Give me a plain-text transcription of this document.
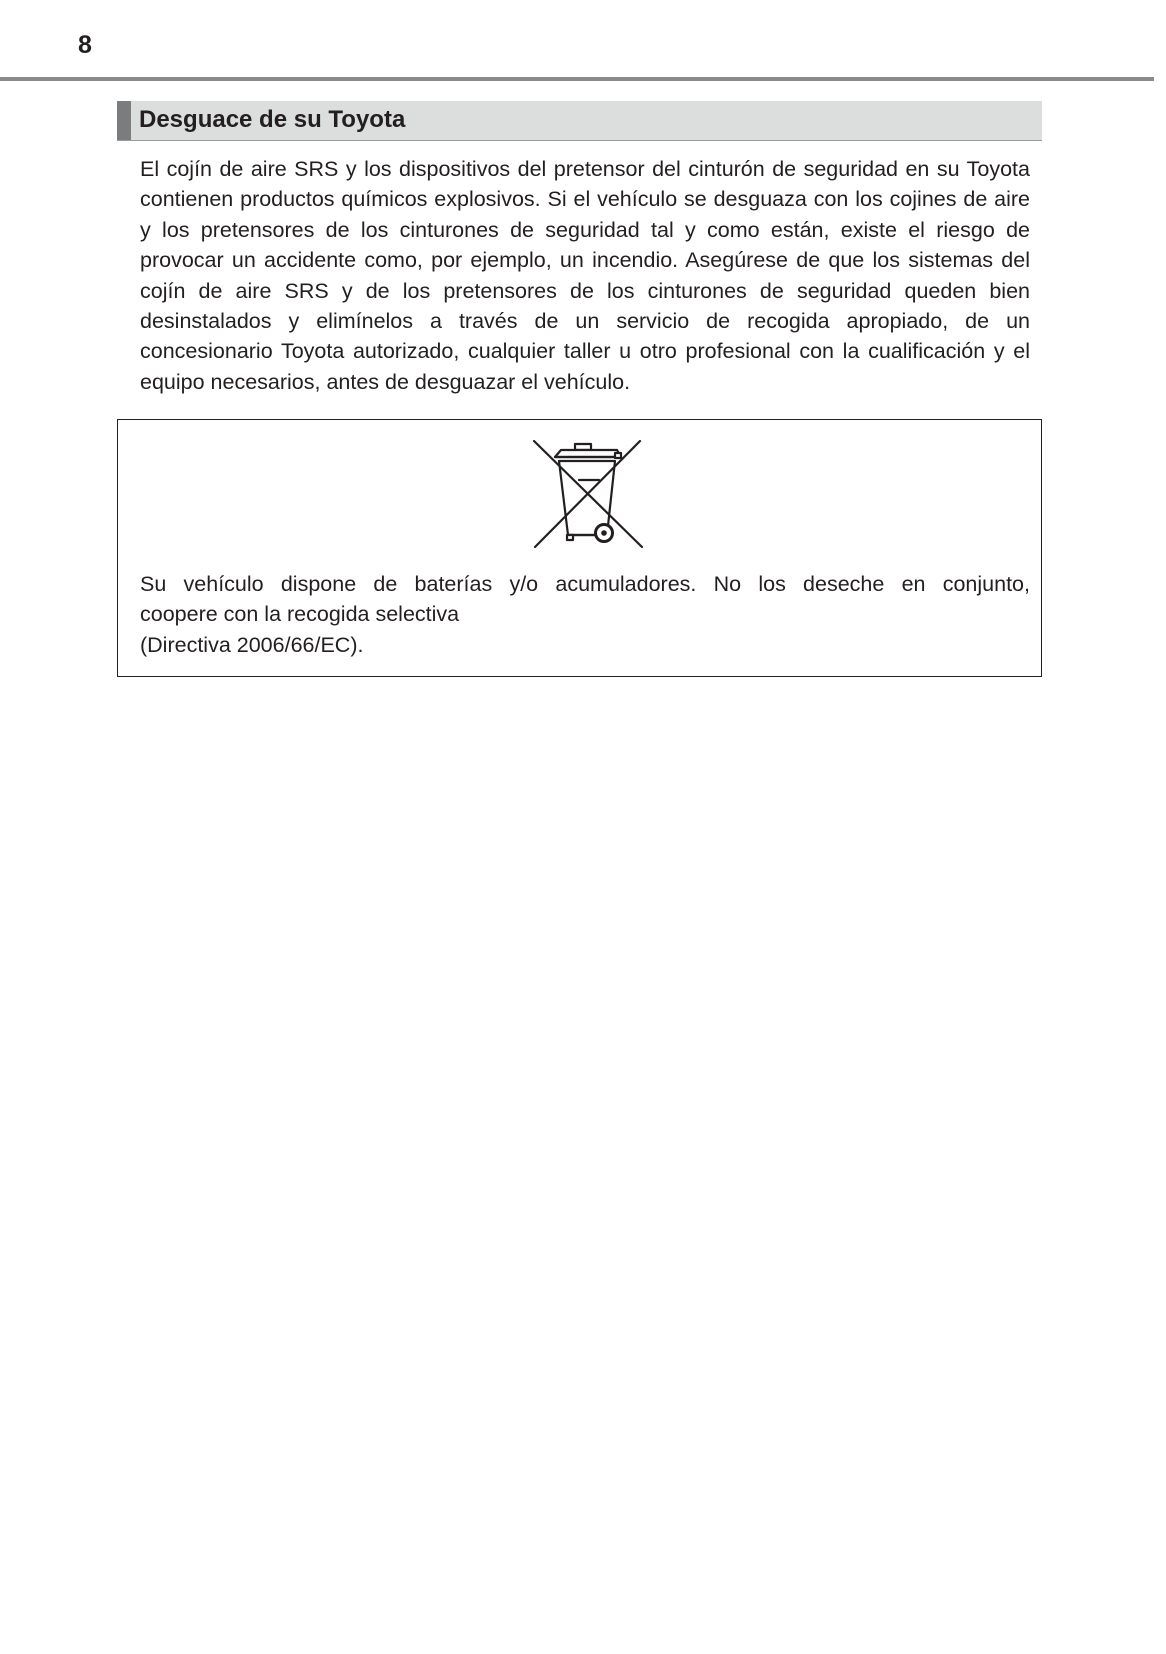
8
Desguace de su Toyota

El cojín de aire SRS y los dispositivos del pretensor del cinturón de seguridad en su Toyota contienen productos químicos explosivos. Si el vehículo se desguaza con los cojines de aire y los pretensores de los cinturones de seguridad tal y como están, existe el riesgo de provocar un accidente como, por ejemplo, un incendio. Asegúrese de que los sistemas del cojín de aire SRS y de los pretensores de los cinturones de seguridad queden bien desinstalados y elimínelos a través de un servicio de recogida apropiado, de un concesionario Toyota autorizado, cualquier taller u otro profesional con la cualificación y el equipo necesarios, antes de desguazar el vehículo.

Su vehículo dispone de baterías y/o acumuladores. No los deseche en conjunto,

coopere con la recogida selectiva

(Directiva 2006/66/EC).
